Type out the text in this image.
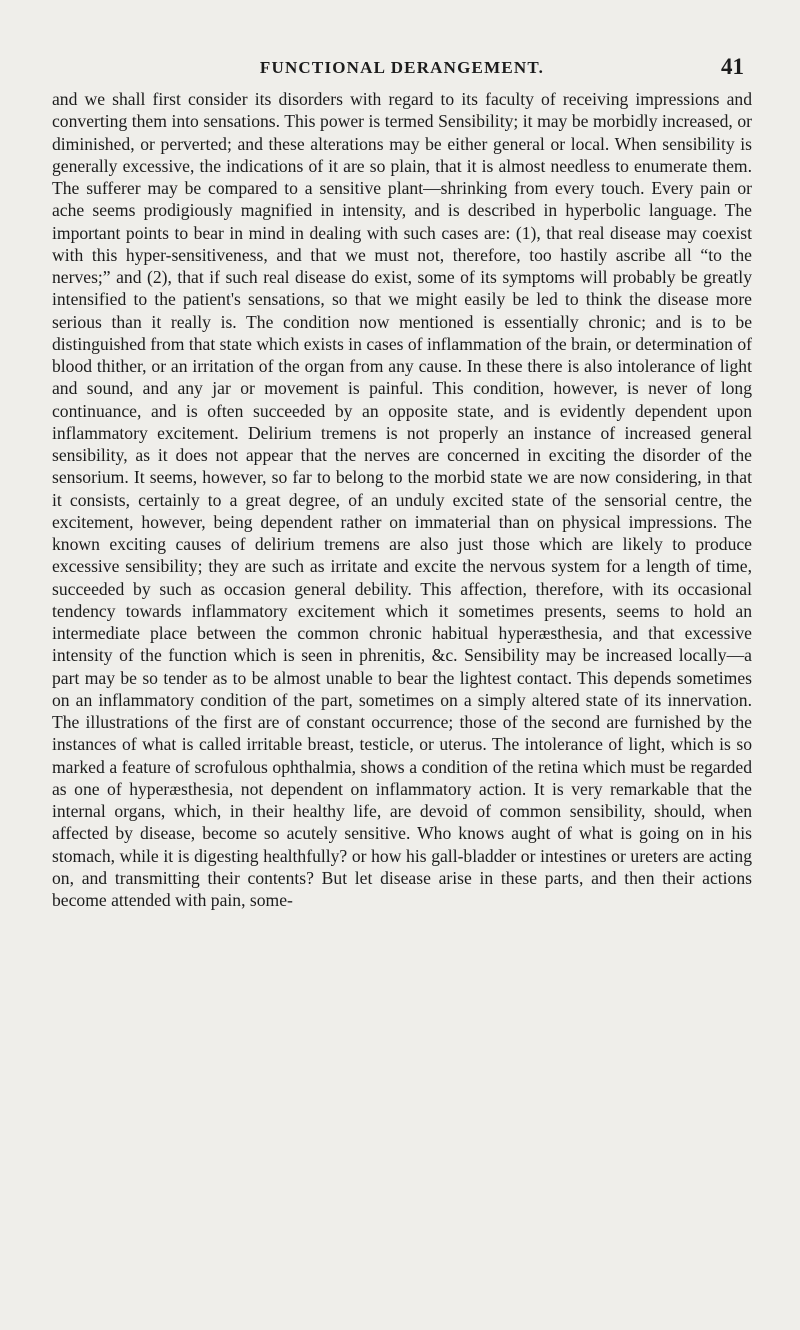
FUNCTIONAL DERANGEMENT.	41

and we shall first consider its disorders with regard to its faculty of receiving impressions and converting them into sensations. This power is termed Sensibility; it may be morbidly increased, or diminished, or perverted; and these alterations may be either general or local. When sensibility is generally excessive, the indications of it are so plain, that it is almost needless to enumerate them. The sufferer may be compared to a sensitive plant—shrinking from every touch. Every pain or ache seems prodigiously magnified in intensity, and is described in hyperbolic language. The important points to bear in mind in dealing with such cases are: (1), that real disease may coexist with this hyper-sensitiveness, and that we must not, therefore, too hastily ascribe all “to the nerves;” and (2), that if such real disease do exist, some of its symptoms will probably be greatly intensified to the patient's sensations, so that we might easily be led to think the disease more serious than it really is. The condition now mentioned is essentially chronic; and is to be distinguished from that state which exists in cases of inflammation of the brain, or determination of blood thither, or an irritation of the organ from any cause. In these there is also intolerance of light and sound, and any jar or movement is painful. This condition, however, is never of long continuance, and is often succeeded by an opposite state, and is evidently dependent upon inflammatory excitement. Delirium tremens is not properly an instance of increased general sensibility, as it does not appear that the nerves are concerned in exciting the disorder of the sensorium. It seems, however, so far to belong to the morbid state we are now considering, in that it consists, certainly to a great degree, of an unduly excited state of the sensorial centre, the excitement, however, being dependent rather on immaterial than on physical impressions. The known exciting causes of delirium tremens are also just those which are likely to produce excessive sensibility; they are such as irritate and excite the nervous system for a length of time, succeeded by such as occasion general debility. This affection, therefore, with its occasional tendency towards inflammatory excitement which it sometimes presents, seems to hold an intermediate place between the common chronic habitual hyperæsthesia, and that excessive intensity of the function which is seen in phrenitis, &c. Sensibility may be increased locally—a part may be so tender as to be almost unable to bear the lightest contact. This depends sometimes on an inflammatory condition of the part, sometimes on a simply altered state of its innervation. The illustrations of the first are of constant occurrence; those of the second are furnished by the instances of what is called irritable breast, testicle, or uterus. The intolerance of light, which is so marked a feature of scrofulous ophthalmia, shows a condition of the retina which must be regarded as one of hyperæsthesia, not dependent on inflammatory action. It is very remarkable that the internal organs, which, in their healthy life, are devoid of common sensibility, should, when affected by disease, become so acutely sensitive. Who knows aught of what is going on in his stomach, while it is digesting healthfully? or how his gall-bladder or intestines or ureters are acting on, and transmitting their contents? But let disease arise in these parts, and then their actions become attended with pain, some-
